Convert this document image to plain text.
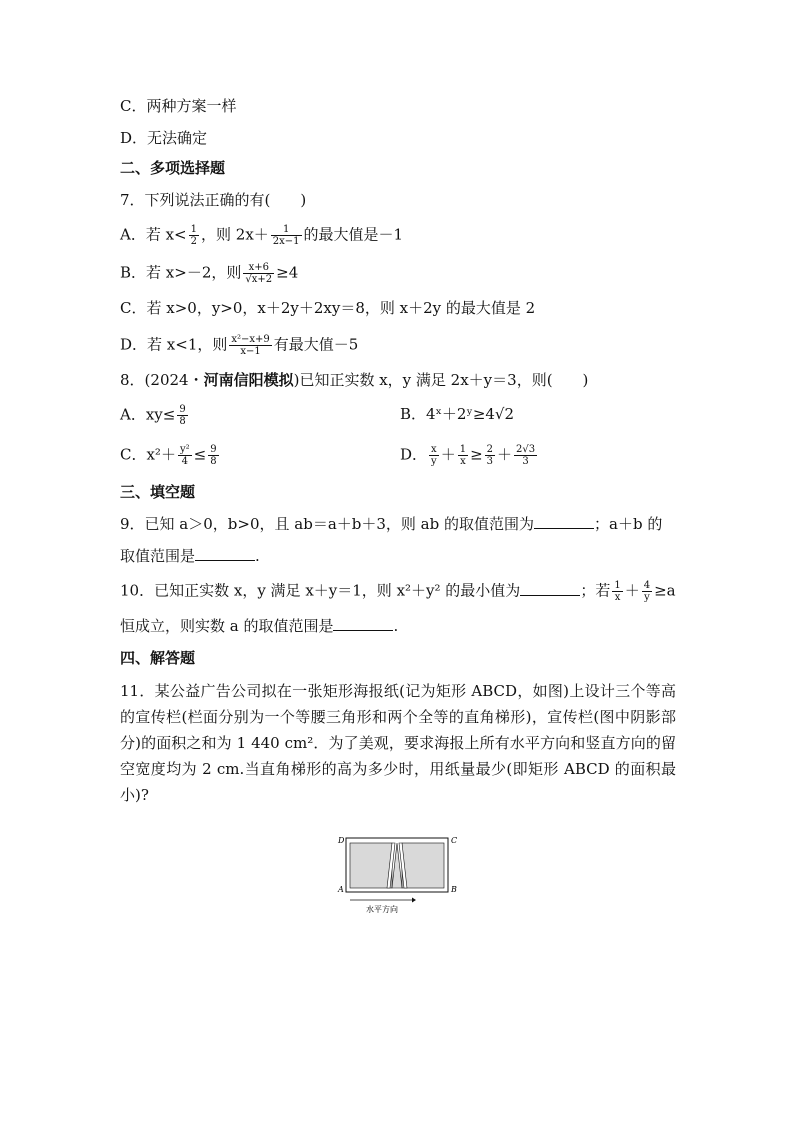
C．两种方案一样
D．无法确定
二、多项选择题
7．下列说法正确的有(　　)
A．若 $x< \frac{1}{2}$ ，则 $2x+ \frac{1}{2x-1}$ 的最大值是－1
B．若 x>－2，则 $\frac{x+6}{√x+2} \ge 4$
C．若 x>0，y>0，x＋2y＋2xy＝8，则 x＋2y 的最大值是 2
D．若 x<1，则 $\frac{\text{x²−x+9}}{x-1}$ 有最大值－5
8．(2024・河南信阳模拟)已知正实数 x，y 满足 2x＋y＝3，则(　　)
A．$xy\le \frac{9}{8}$	B．4ˣ＋2ʸ≥4√2
C．$x^2+ \frac{\text{y²}}{4} \le \frac{9}{8}$	D． $\frac{x}{y} + \frac{1}{x} \ge \frac{2}{3} + \frac{2√3}{3}$
三、填空题
9．已知 a＞0，b>0，且 ab＝a＋b＋3，则 ab 的取值范围为	；a＋b 的
取值范围是	.
10．已知正实数 x，y 满足 x＋y＝1，则 x²＋y² 的最小值为	；若 $\frac{1}{x} + \frac{4}{y} \ge a$
恒成立，则实数 a 的取值范围是	.
四、解答题
11．某公益广告公司拟在一张矩形海报纸(记为矩形 ABCD，如图)上设计三个等高的宣传栏(栏面分别为一个等腰三角形和两个全等的直角梯形)，宣传栏(图中阴影部分)的面积之和为 1 440 cm²．为了美观，要求海报上所有水平方向和竖直方向的留空宽度均为 2 cm.当直角梯形的高为多少时，用纸量最少(即矩形 ABCD 的面积最小)?
D	C
A	B
水平方向
